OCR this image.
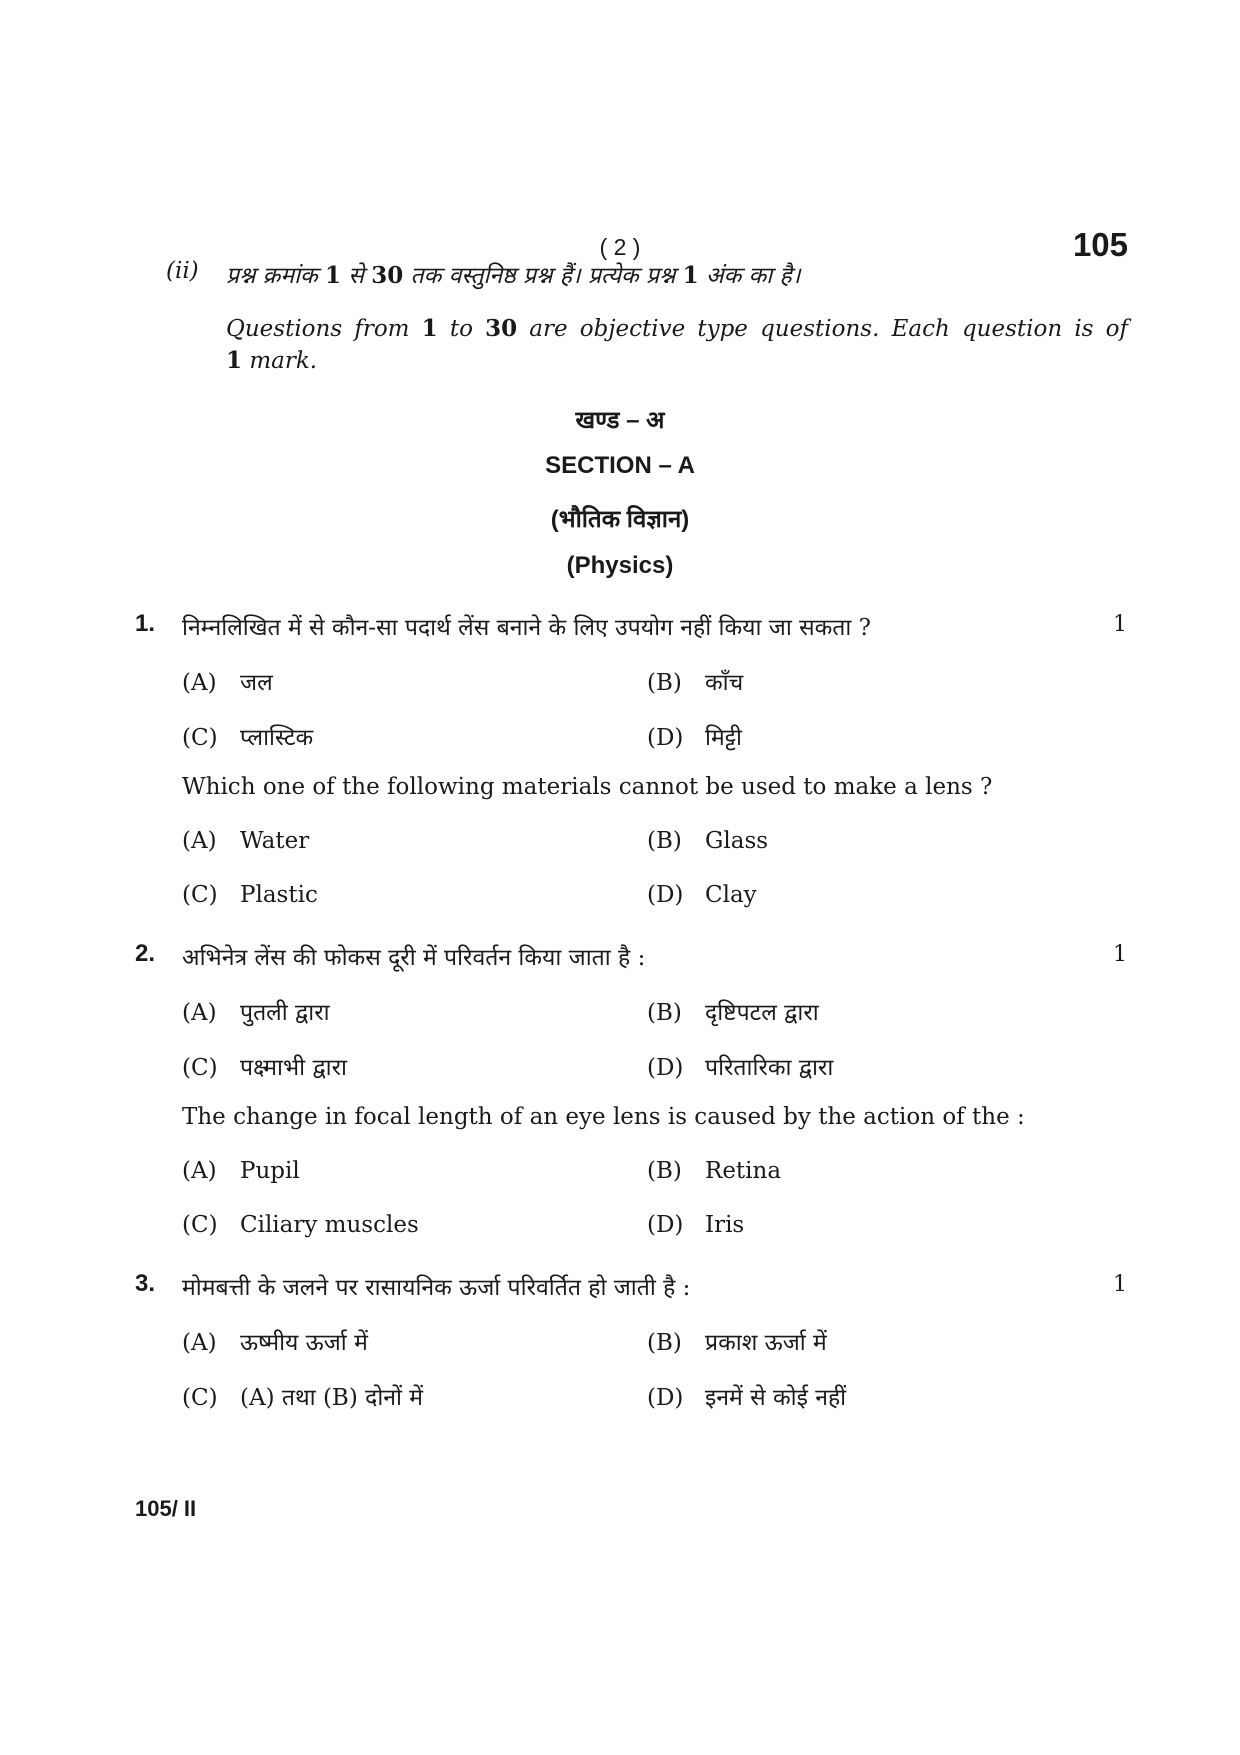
( 2 )	105
(ii) प्रश्न क्रमांक 1 से 30 तक वस्तुनिष्ठ प्रश्न हैं। प्रत्येक प्रश्न 1 अंक का है।
Questions from 1 to 30 are objective type questions. Each question is of
1 mark.
खण्ड – अ
SECTION – A
(भौतिक विज्ञान)
(Physics)
1. निम्नलिखित में से कौन-सा पदार्थ लेंस बनाने के लिए उपयोग नहीं किया जा सकता ?	1
(A) जल	(B) काँच
(C) प्लास्टिक	(D) मिट्टी
Which one of the following materials cannot be used to make a lens ?
(A) Water	(B) Glass
(C) Plastic	(D) Clay
2. अभिनेत्र लेंस की फोकस दूरी में परिवर्तन किया जाता है :	1
(A) पुतली द्वारा	(B) दृष्टिपटल द्वारा
(C) पक्ष्माभी द्वारा	(D) परितारिका द्वारा
The change in focal length of an eye lens is caused by the action of the :
(A) Pupil	(B) Retina
(C) Ciliary muscles	(D) Iris
3. मोमबत्ती के जलने पर रासायनिक ऊर्जा परिवर्तित हो जाती है :	1
(A) ऊष्मीय ऊर्जा में	(B) प्रकाश ऊर्जा में
(C) (A) तथा (B) दोनों में	(D) इनमें से कोई नहीं
105/ II
